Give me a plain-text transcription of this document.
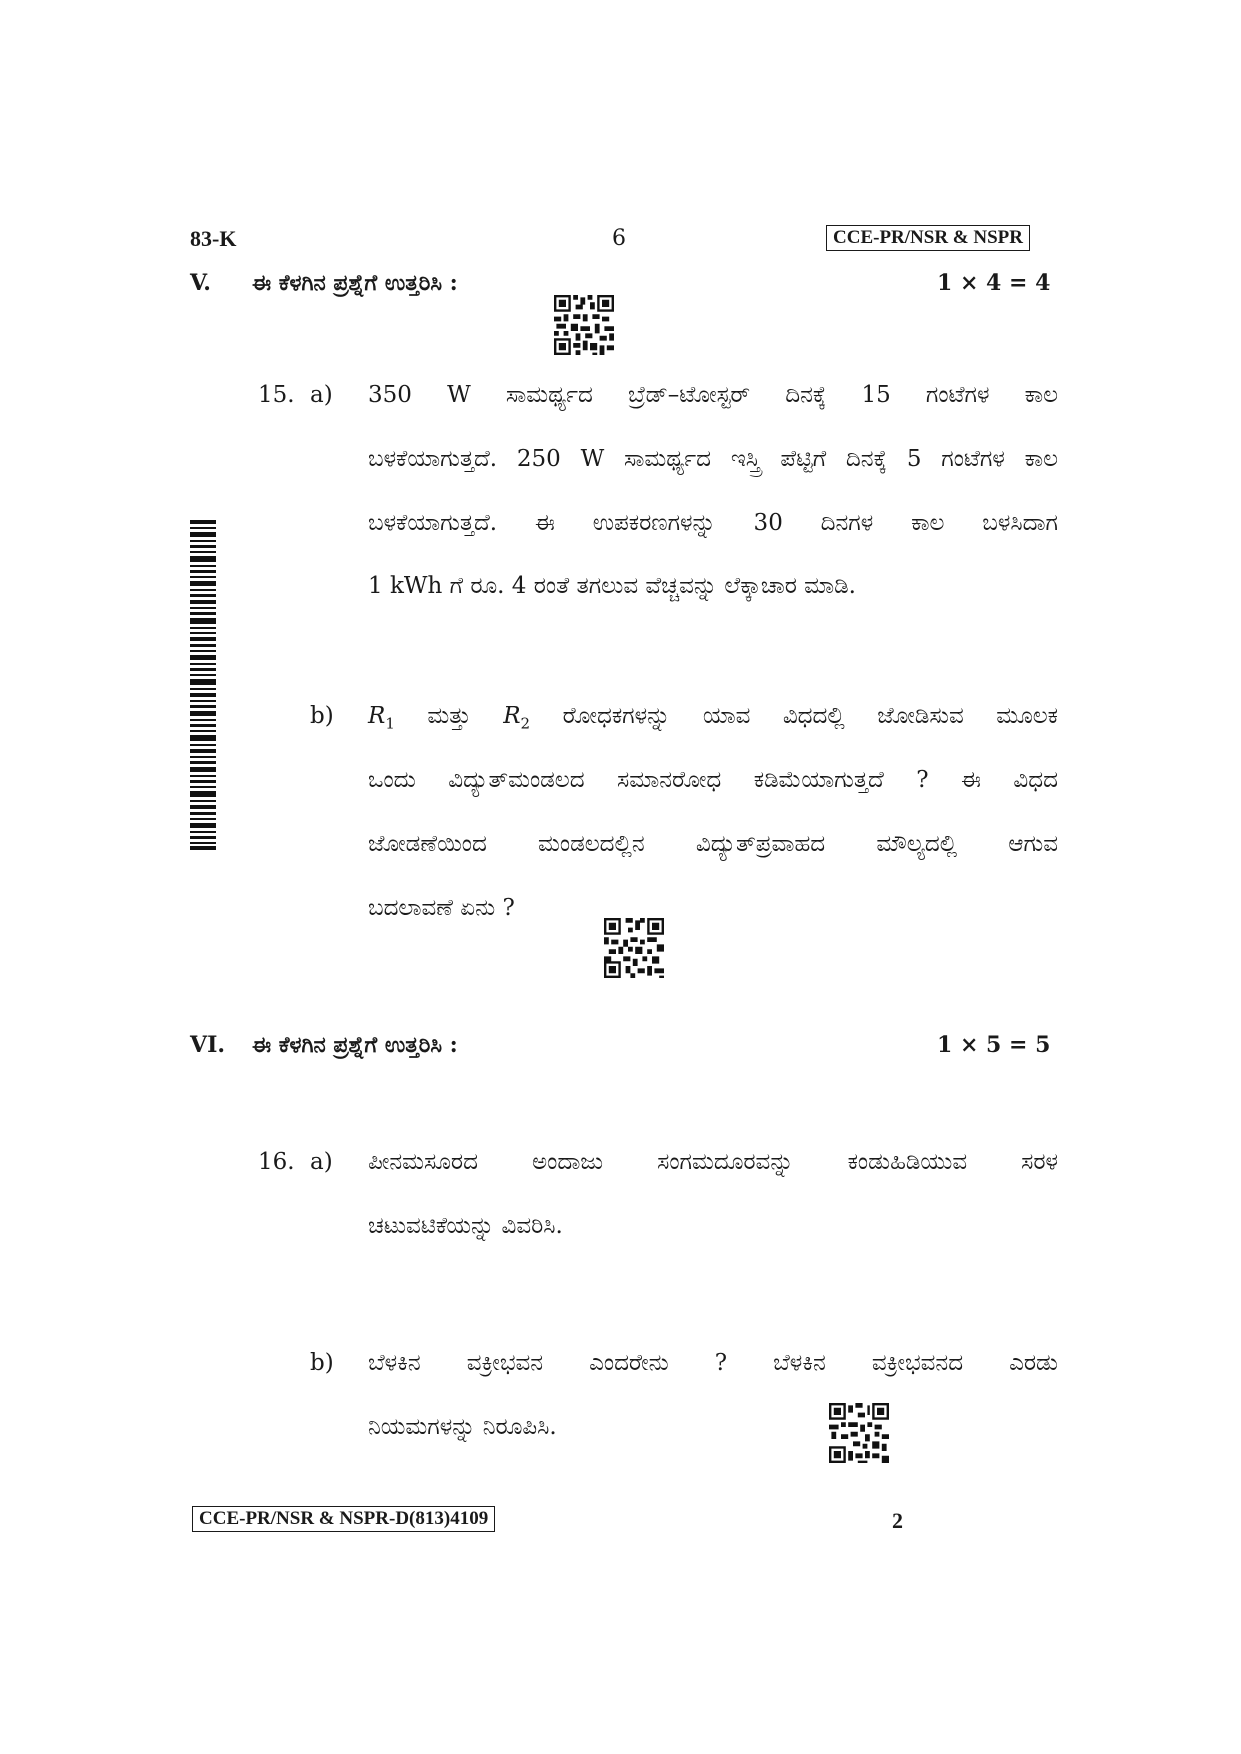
83-K	6	CCE-PR/NSR & NSPR
V. ಈ ಕೆಳಗಿನ ಪ್ರಶ್ನೆಗೆ ಉತ್ತರಿಸಿ :	1 × 4 = 4
15. a) 350 W ಸಾಮರ್ಥ್ಯದ ಬ್ರೆಡ್–ಟೋಸ್ಟರ್ ದಿನಕ್ಕೆ 15 ಗಂಟೆಗಳ ಕಾಲ
ಬಳಕೆಯಾಗುತ್ತದೆ. 250 W ಸಾಮರ್ಥ್ಯದ ಇಸ್ತ್ರಿ ಪೆಟ್ಟಿಗೆ ದಿನಕ್ಕೆ 5 ಗಂಟೆಗಳ ಕಾಲ
ಬಳಕೆಯಾಗುತ್ತದೆ. ಈ ಉಪಕರಣಗಳನ್ನು 30 ದಿನಗಳ ಕಾಲ ಬಳಸಿದಾಗ
1 kWh ಗೆ ರೂ. 4 ರಂತೆ ತಗಲುವ ವೆಚ್ಚವನ್ನು ಲೆಕ್ಕಾಚಾರ ಮಾಡಿ.
b) $R_1$ ಮತ್ತು $R_2$ ರೋಧಕಗಳನ್ನು ಯಾವ ವಿಧದಲ್ಲಿ ಜೋಡಿಸುವ ಮೂಲಕ
ಒಂದು ವಿದ್ಯುತ್‌ಮಂಡಲದ ಸಮಾನರೋಧ ಕಡಿಮೆಯಾಗುತ್ತದೆ ? ಈ ವಿಧದ
ಜೋಡಣೆಯಿಂದ ಮಂಡಲದಲ್ಲಿನ ವಿದ್ಯುತ್‌ಪ್ರವಾಹದ ಮೌಲ್ಯದಲ್ಲಿ ಆಗುವ
ಬದಲಾವಣೆ ಏನು ?
VI. ಈ ಕೆಳಗಿನ ಪ್ರಶ್ನೆಗೆ ಉತ್ತರಿಸಿ :	1 × 5 = 5
16. a) ಪೀನಮಸೂರದ ಅಂದಾಜು ಸಂಗಮದೂರವನ್ನು ಕಂಡುಹಿಡಿಯುವ ಸರಳ
ಚಟುವಟಿಕೆಯನ್ನು ವಿವರಿಸಿ.
b) ಬೆಳಕಿನ ವಕ್ರೀಭವನ ಎಂದರೇನು ? ಬೆಳಕಿನ ವಕ್ರೀಭವನದ ಎರಡು
ನಿಯಮಗಳನ್ನು ನಿರೂಪಿಸಿ.
CCE-PR/NSR & NSPR-D(813)4109	2
